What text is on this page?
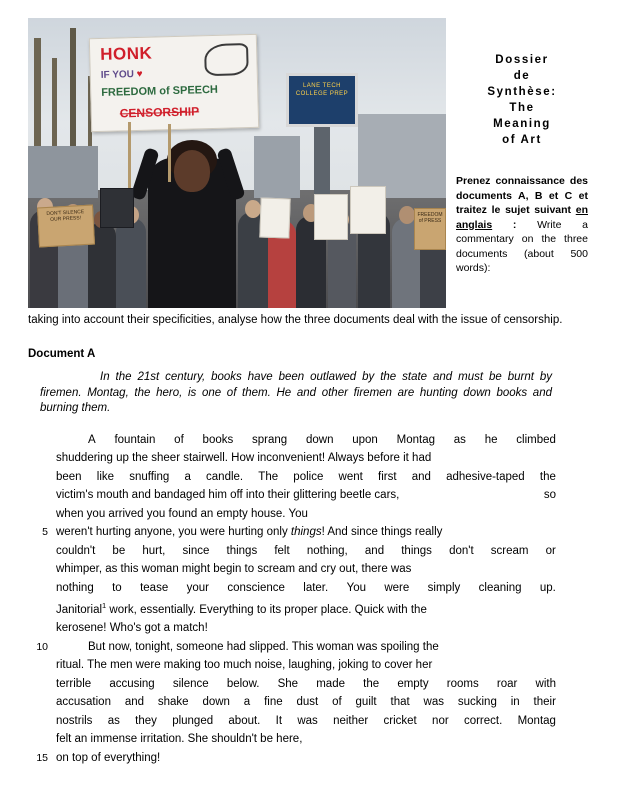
LANE TECH
COLLEGE PREP
HONK
IF YOU ♥
FREEDOM of SPEECH
CENSORSHIP
DON'T SILENCE OUR PRESS!
FREEDOM of PRESS
Dossier
de
Synthèse:
The
Meaning
of Art
Prenez connaissance des documents A, B et C et traitez le sujet suivant en anglais : Write a commentary on the three documents (about 500 words):
taking into account their specificities, analyse how the three documents deal with the issue of censorship.
Document A
In the 21st century, books have been outlawed by the state and must be burnt by firemen. Montag, the hero, is one of them. He and other firemen are hunting down books and burning them.
A fountain of books sprang down upon Montag as he climbed
shuddering up the sheer stairwell. How inconvenient! Always before it had
been like snuffing a candle. The police went first and adhesive-taped the
victim's mouth and bandaged him off into their glittering beetle cars,	so
when you arrived you found an empty house. You
5 weren't hurting anyone, you were hurting only things! And since things really
couldn't be hurt, since things felt nothing, and things don't scream or
whimper, as this woman might begin to scream and cry out, there was
nothing to tease your conscience later. You were simply cleaning up.
Janitorial$^1$ work, essentially. Everything to its proper place. Quick with the
kerosene! Who's got a match!
10	But now, tonight, someone had slipped. This woman was spoiling the
ritual. The men were making too much noise, laughing, joking to cover her
terrible accusing silence below. She made the empty rooms roar with
accusation and shake down a fine dust of guilt that was sucking in their
nostrils as they plunged about. It was neither cricket nor correct. Montag
felt an immense irritation. She shouldn't be here,
15 on top of everything!
